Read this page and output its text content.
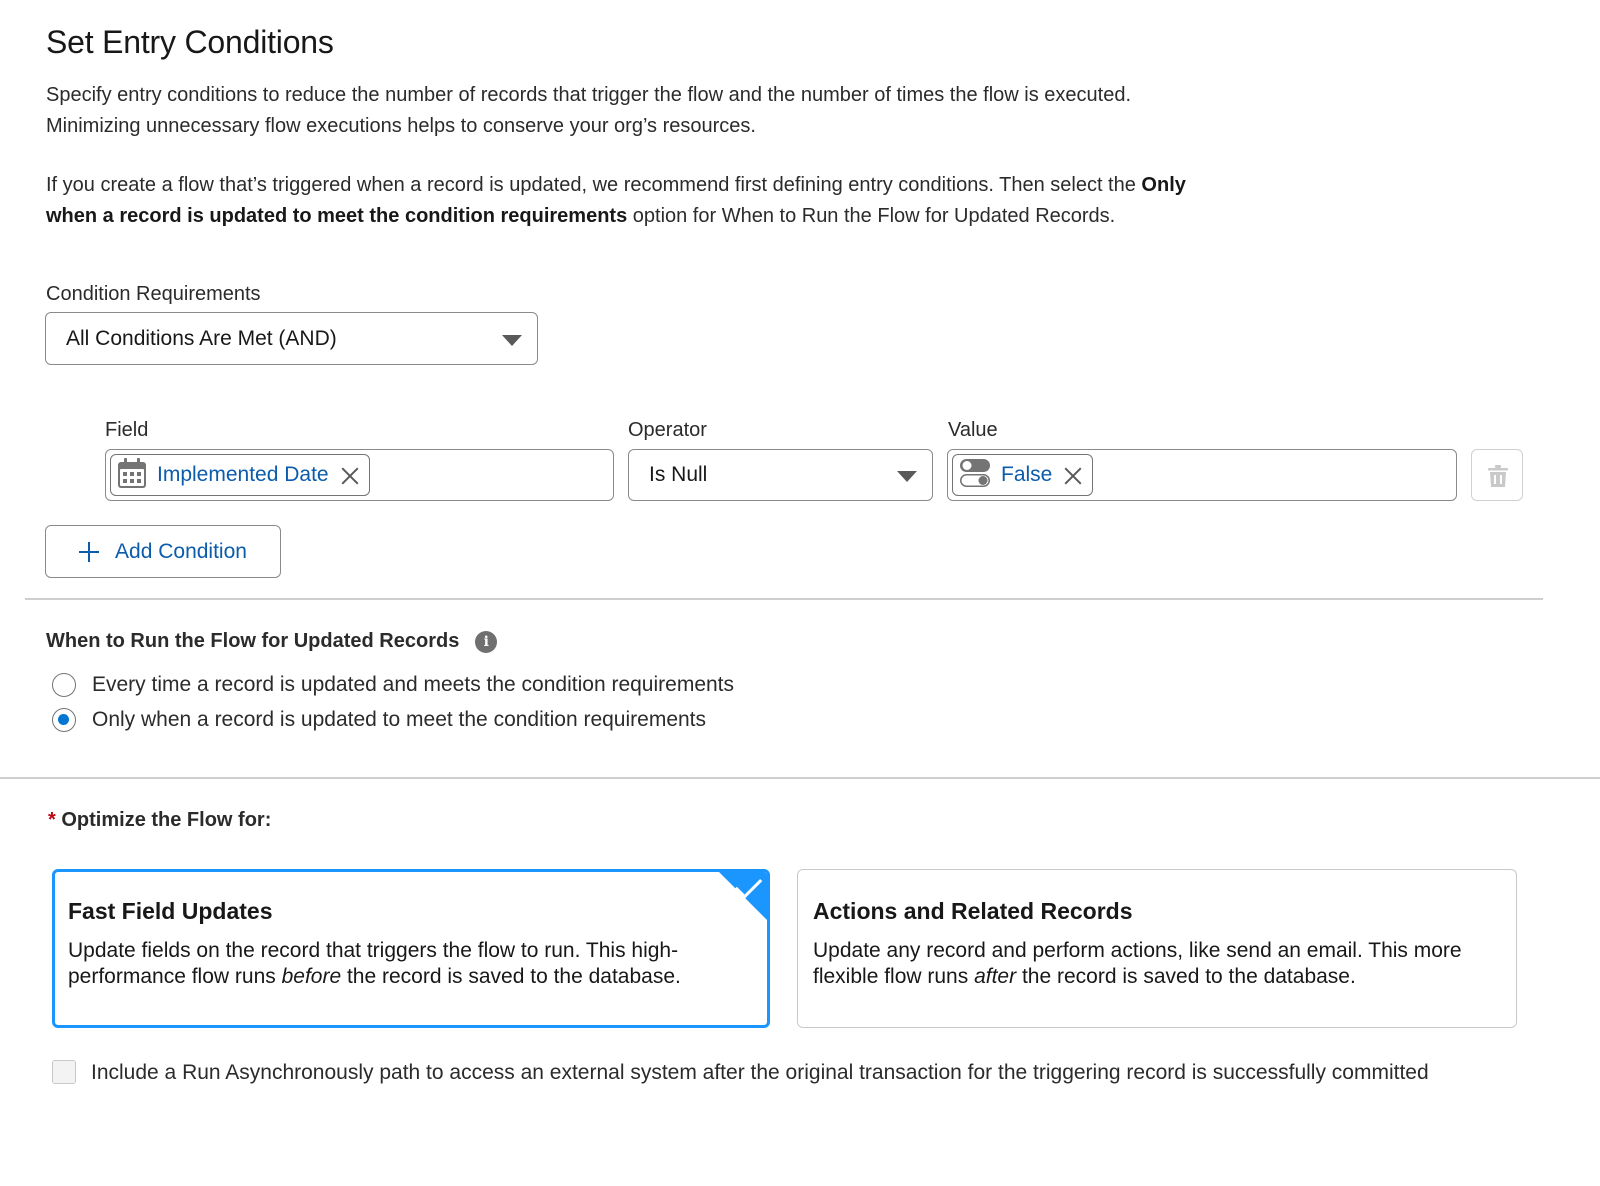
Set Entry Conditions
Specify entry conditions to reduce the number of records that trigger the flow and the number of times the flow is executed. Minimizing unnecessary flow executions helps to conserve your org’s resources.
If you create a flow that’s triggered when a record is updated, we recommend first defining entry conditions. Then select the Only when a record is updated to meet the condition requirements option for When to Run the Flow for Updated Records.
Condition Requirements
All Conditions Are Met (AND)
Field	Operator	Value
Implemented Date	Is Null	False
Add Condition
When to Run the Flow for Updated Records	i
Every time a record is updated and meets the condition requirements
Only when a record is updated to meet the condition requirements
* Optimize the Flow for:
Fast Field Updates
Update fields on the record that triggers the flow to run. This high-performance flow runs before the record is saved to the database.
Actions and Related Records
Update any record and perform actions, like send an email. This more flexible flow runs after the record is saved to the database.
Include a Run Asynchronously path to access an external system after the original transaction for the triggering record is successfully committed
